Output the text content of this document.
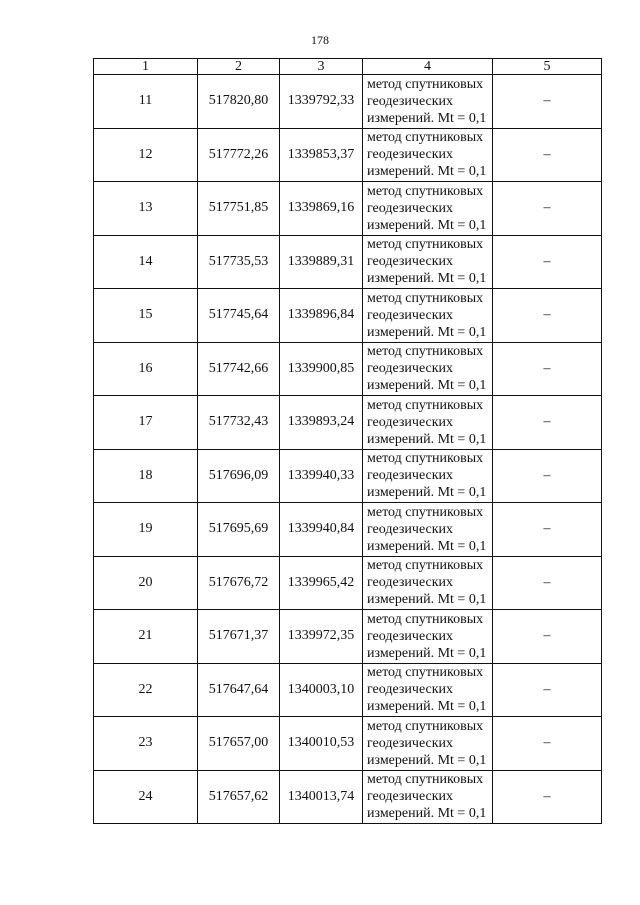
178
1	2	3	4	5
11	517820,80	1339792,33	метод спутниковых
геодезических
измерений. Mt = 0,1	–
12	517772,26	1339853,37	метод спутниковых
геодезических
измерений. Mt = 0,1	–
13	517751,85	1339869,16	метод спутниковых
геодезических
измерений. Mt = 0,1	–
14	517735,53	1339889,31	метод спутниковых
геодезических
измерений. Mt = 0,1	–
15	517745,64	1339896,84	метод спутниковых
геодезических
измерений. Mt = 0,1	–
16	517742,66	1339900,85	метод спутниковых
геодезических
измерений. Mt = 0,1	–
17	517732,43	1339893,24	метод спутниковых
геодезических
измерений. Mt = 0,1	–
18	517696,09	1339940,33	метод спутниковых
геодезических
измерений. Mt = 0,1	–
19	517695,69	1339940,84	метод спутниковых
геодезических
измерений. Mt = 0,1	–
20	517676,72	1339965,42	метод спутниковых
геодезических
измерений. Mt = 0,1	–
21	517671,37	1339972,35	метод спутниковых
геодезических
измерений. Mt = 0,1	–
22	517647,64	1340003,10	метод спутниковых
геодезических
измерений. Mt = 0,1	–
23	517657,00	1340010,53	метод спутниковых
геодезических
измерений. Mt = 0,1	–
24	517657,62	1340013,74	метод спутниковых
геодезических
измерений. Mt = 0,1	–
